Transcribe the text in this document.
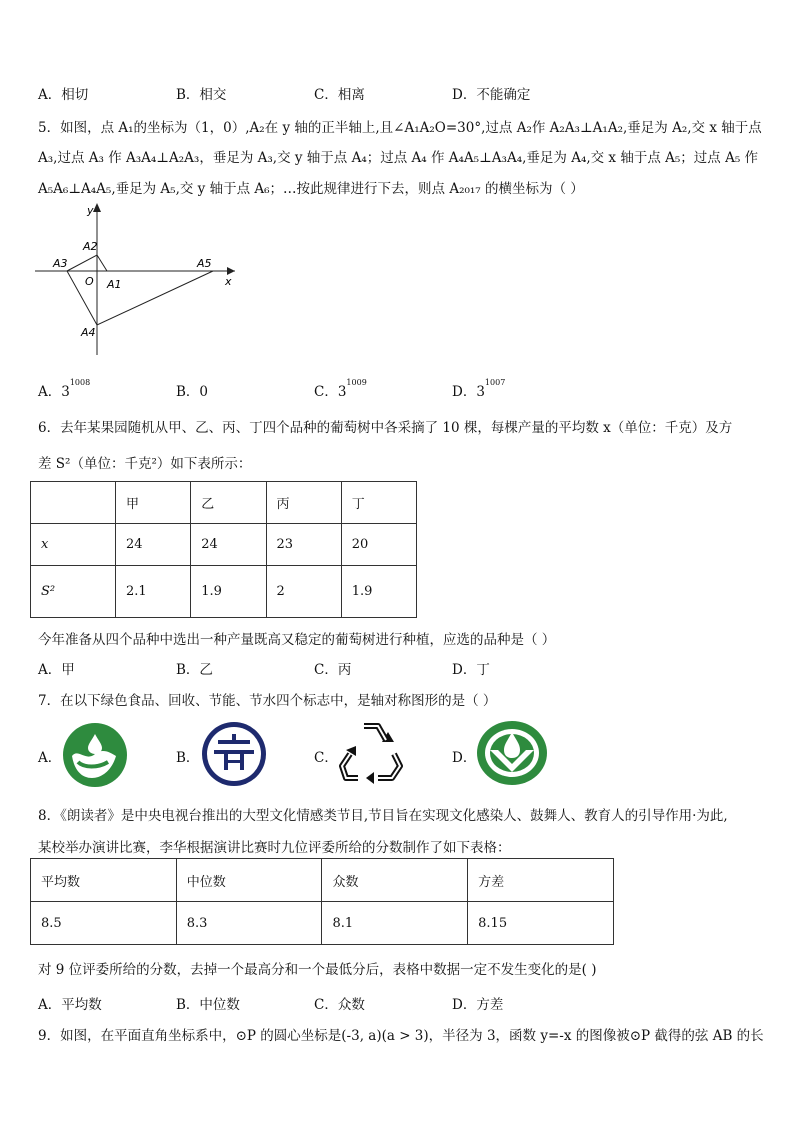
A．相切	B．相交	C．相离	D．不能确定
5．如图，点 A₁的坐标为（1，0）,A₂在 y 轴的正半轴上,且∠A₁A₂O=30°,过点 A₂作 A₂A₃⊥A₁A₂,垂足为 A₂,交 x 轴于点
A₃,过点 A₃ 作 A₃A₄⊥A₂A₃，垂足为 A₃,交 y 轴于点 A₄；过点 A₄ 作 A₄A₅⊥A₃A₄,垂足为 A₄,交 x 轴于点 A₅；过点 A₅ 作
A₅A₆⊥A₄A₅,垂足为 A₅,交 y 轴于点 A₆；…按此规律进行下去，则点 A₂₀₁₇ 的横坐标为（ ）
y
x
O A1
A2
A3
A4
A5
A．$3^{1008}$
B．0	C．$3^{1009}$
D．$3^{1007}$
6．去年某果园随机从甲、乙、丙、丁四个品种的葡萄树中各采摘了 10 棵，每棵产量的平均数 x（单位：千克）及方
差 S²（单位：千克²）如下表所示：
	甲	乙	丙	丁
x	24	24	23	20
S²	2.1	1.9	2	1.9
今年准备从四个品种中选出一种产量既高又稳定的葡萄树进行种植，应选的品种是（ ）
A．甲	B．乙	C．丙	D．丁
7．在以下绿色食品、回收、节能、节水四个标志中，是轴对称图形的是（ ）
A．	B．	C．	D．
8．《朗读者》是中央电视台推出的大型文化情感类节目,节目旨在实现文化感染人、鼓舞人、教育人的引导作用·为此,
某校举办演讲比赛，李华根据演讲比赛时九位评委所给的分数制作了如下表格：
平均数	中位数	众数	方差
8.5	8.3	8.1	8.15
对 9 位评委所给的分数，去掉一个最高分和一个最低分后，表格中数据一定不发生变化的是( )
A．平均数	B．中位数	C．众数	D．方差
9．如图，在平面直角坐标系中，⊙P 的圆心坐标是(-3, a)(a > 3)，半径为 3，函数 y=-x 的图像被⊙P 截得的弦 AB 的长
